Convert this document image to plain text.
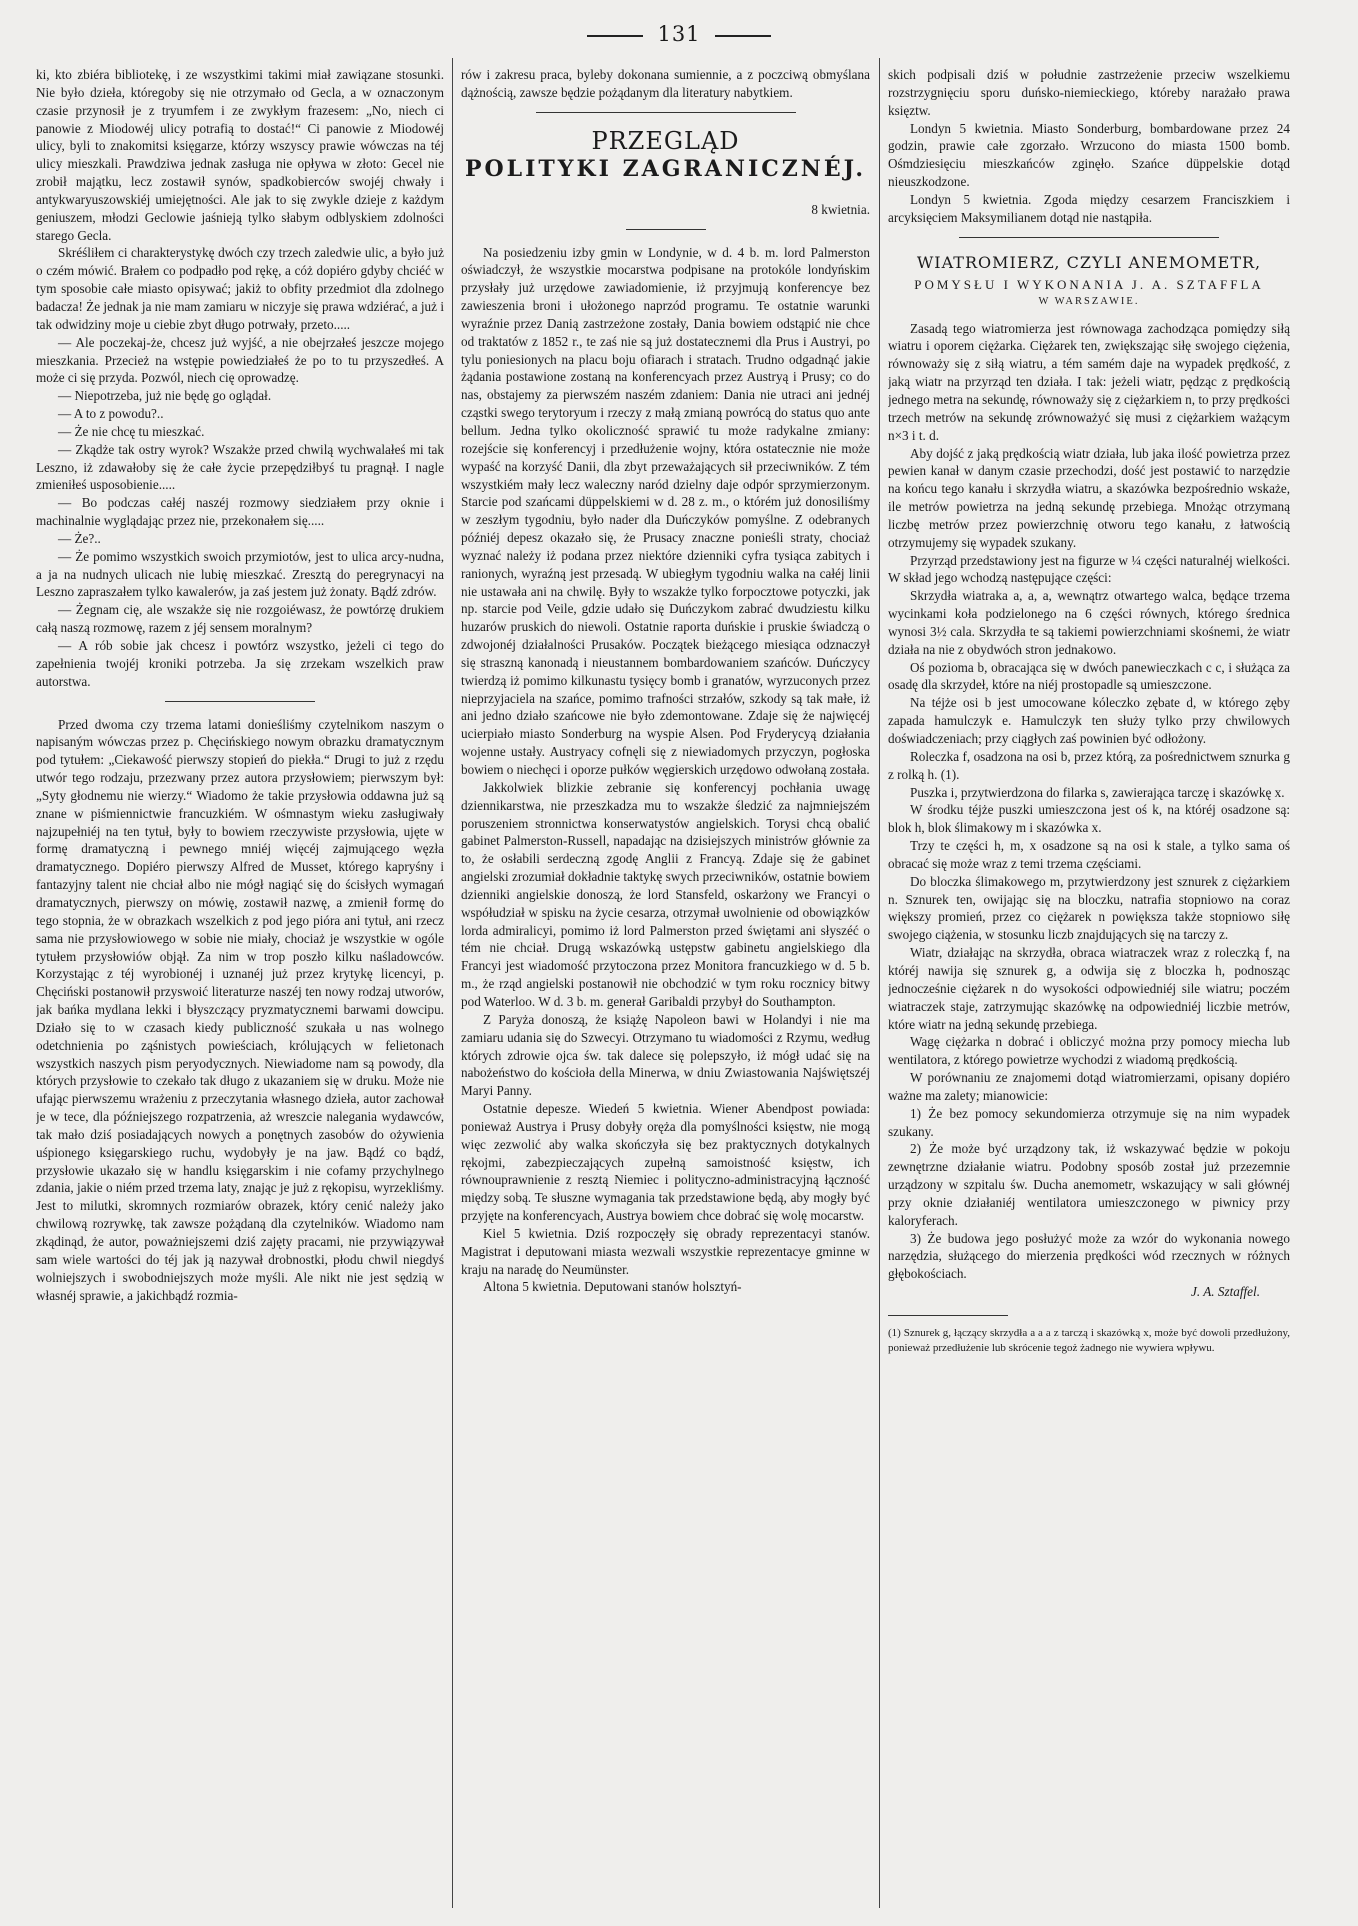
131

ki, kto zbiéra bibliotekę, i ze wszystkimi takimi miał zawiązane stosunki. Nie było dzieła, któregoby się nie otrzymało od Gecla, a w oznaczonym czasie przynosił je z tryumfem i ze zwykłym frazesem: „No, niech ci panowie z Miodowéj ulicy potrafią to dostać!“ Ci panowie z Miodowéj ulicy, byli to znakomitsi księgarze, którzy wszyscy prawie wówczas na téj ulicy mieszkali. Prawdziwa jednak zasługa nie opływa w złoto: Gecel nie zrobił majątku, lecz zostawił synów, spadkobierców swojéj chwały i antykwaryuszowskiéj umiejętności. Ale jak to się zwykle dzieje z każdym geniuszem, młodzi Geclowie jaśnieją tylko słabym odblyskiem zdolności starego Gecla.

Skréśliłem ci charakterystykę dwóch czy trzech zaledwie ulic, a było już o czém mówić. Brałem co podpadło pod rękę, a cóż dopiéro gdyby chciéć w tym sposobie całe miasto opisywać; jakiż to obfity przedmiot dla zdolnego badacza! Że jednak ja nie mam zamiaru w niczyje się prawa wdziérać, a już i tak odwidziny moje u ciebie zbyt długo potrwały, przeto.....

— Ale poczekaj-że, chcesz już wyjść, a nie obejrzałeś jeszcze mojego mieszkania. Przecież na wstępie powiedziałeś że po to tu przyszedłeś. A może ci się przyda. Pozwól, niech cię oprowadzę.

— Niepotrzeba, już nie będę go oglądał.

— A to z powodu?..

— Że nie chcę tu mieszkać.

— Zkądże tak ostry wyrok? Wszakże przed chwilą wychwalałeś mi tak Leszno, iż zdawałoby się że całe życie przepędziłbyś tu pragnął. I nagle zmieniłeś usposobienie.....

— Bo podczas całéj naszéj rozmowy siedziałem przy oknie i machinalnie wyglądając przez nie, przekonałem się.....

— Że?..

— Że pomimo wszystkich swoich przymiotów, jest to ulica arcy-nudna, a ja na nudnych ulicach nie lubię mieszkać. Zresztą do peregrynacyi na Leszno zapraszałem tylko kawalerów, ja zaś jestem już żonaty. Bądź zdrów.

— Żegnam cię, ale wszakże się nie rozgoiéwasz, że powtórzę drukiem całą naszą rozmowę, razem z jéj sensem moralnym?

— A rób sobie jak chcesz i powtórz wszystko, jeżeli ci tego do zapełnienia twojéj kroniki potrzeba. Ja się zrzekam wszelkich praw autorstwa.

Przed dwoma czy trzema latami donieśliśmy czytelnikom naszym o napisaným wówczas przez p. Chęcińskiego nowym obrazku dramatycznym pod tytułem: „Ciekawość pierwszy stopień do piekła.“ Drugi to już z rzędu utwór tego rodzaju, przezwany przez autora przysłowiem; pierwszym był: „Syty głodnemu nie wierzy.“ Wiadomo że takie przysłowia oddawna już są znane w piśmiennictwie francuzkiém. W ośmnastym wieku zasługiwały najzupełniéj na ten tytuł, były to bowiem rzeczywiste przysłowia, ujęte w formę dramatyczną i pewnego mniéj więcéj zajmującego węzła dramatycznego. Dopiéro pierwszy Alfred de Musset, którego kapryśny i fantazyjny talent nie chciał albo nie mógł nagiąć się do ścisłych wymagań dramatycznych, pierwszy on mówię, zostawił nazwę, a zmienił formę do tego stopnia, że w obrazkach wszelkich z pod jego pióra ani tytuł, ani rzecz sama nie przysłowiowego w sobie nie miały, chociaż je wszystkie w ogóle tytułem przysłowiów objął. Za nim w trop poszło kilku naśladowców. Korzystając z téj wyrobionéj i uznanéj już przez krytykę licencyi, p. Chęciński postanowił przyswoić literaturze naszéj ten nowy rodzaj utworów, jak bańka mydlana lekki i błyszczący pryzmatycznemi barwami dowcipu. Działo się to w czasach kiedy publiczność szukała u nas wolnego odetchnienia po ząśnistych powieściach, królujących w felietonach wszystkich naszych pism peryodycznych. Niewiadome nam są powody, dla których przysłowie to czekało tak długo z ukazaniem się w druku. Może nie ufając pierwszemu wrażeniu z przeczytania własnego dzieła, autor zachował je w tece, dla późniejszego rozpatrzenia, aż wreszcie nalegania wydawców, tak mało dziś posiadających nowych a ponętnych zasobów do ożywienia uśpionego księgarskiego ruchu, wydobyły je na jaw. Bądź co bądź, przysłowie ukazało się w handlu księgarskim i nie cofamy przychylnego zdania, jakie o niém przed trzema laty, znając je już z rękopisu, wyrzekliśmy. Jest to milutki, skromnych rozmiarów obrazek, który cenić należy jako chwilową rozrywkę, tak zawsze pożądaną dla czytelników. Wiadomo nam zkądinąd, że autor, poważniejszemi dziś zajęty pracami, nie przywiązywał sam wiele wartości do téj jak ją nazywał drobnostki, płodu chwil niegdyś wolniejszych i swobodniejszych może myśli. Ale nikt nie jest sędzią w własnéj sprawie, a jakichbądź rozmia-

rów i zakresu praca, byleby dokonana sumiennie, a z poczciwą obmyślana dążnością, zawsze będzie pożądanym dla literatury nabytkiem.

PRZEGLĄD
POLITYKI ZAGRANICZNÉJ.
8 kwietnia.

Na posiedzeniu izby gmin w Londynie, w d. 4 b. m. lord Palmerston oświadczył, że wszystkie mocarstwa podpisane na protokóle londyńskim przysłały już urzędowe zawiadomienie, iż przyjmują konferencye bez zawieszenia broni i ułożonego naprzód programu. Te ostatnie warunki wyraźnie przez Danią zastrzeżone zostały, Dania bowiem odstąpić nie chce od traktatów z 1852 r., te zaś nie są już dostatecznemi dla Prus i Austryi, po tylu poniesionych na placu boju ofiarach i stratach. Trudno odgadnąć jakie żądania postawione zostaną na konferencyach przez Austryą i Prusy; co do nas, obstajemy za pierwszém naszém zdaniem: Dania nie utraci ani jednéj cząstki swego terytoryum i rzeczy z małą zmianą powrócą do status quo ante bellum. Jedna tylko okoliczność sprawić tu może radykalne zmiany: rozejście się konferencyj i przedłużenie wojny, która ostatecznie nie może wypaść na korzyść Danii, dla zbyt przeważających sił przeciwników. Z tém wszystkiém mały lecz waleczny naród dzielny daje odpór sprzymierzonym. Starcie pod szańcami düppelskiemi w d. 28 z. m., o którém już donosiliśmy w zeszłym tygodniu, było nader dla Duńczyków pomyślne. Z odebranych późniéj depesz okazało się, że Prusacy znaczne ponieśli straty, chociaż wyznać należy iż podana przez niektóre dzienniki cyfra tysiąca zabitych i ranionych, wyraźną jest przesadą. W ubiegłym tygodniu walka na całéj linii nie ustawała ani na chwilę. Były to wszakże tylko forpocztowe potyczki, jak np. starcie pod Veile, gdzie udało się Duńczykom zabrać dwudziestu kilku huzarów pruskich do niewoli. Ostatnie raporta duńskie i pruskie świadczą o zdwojonéj działalności Prusaków. Początek bieżącego miesiąca odznaczył się straszną kanonadą i nieustannem bombardowaniem szańców. Duńczycy twierdzą iż pomimo kilkunastu tysięcy bomb i granatów, wyrzuconych przez nieprzyjaciela na szańce, pomimo trafności strzałów, szkody są tak małe, iż ani jedno działo szańcowe nie było zdemontowane. Zdaje się że najwięcéj ucierpiało miasto Sonderburg na wyspie Alsen. Pod Fryderycyą działania wojenne ustały. Austryacy cofnęli się z niewiadomych przyczyn, pogłoska bowiem o niechęci i oporze pułków węgierskich urzędowo odwołaną została.

Jakkolwiek blizkie zebranie się konferencyj pochłania uwagę dziennikarstwa, nie przeszkadza mu to wszakże śledzić za najmniejszém poruszeniem stronnictwa konserwatystów angielskich. Torysi chcą obalić gabinet Palmerston-Russell, napadając na dzisiejszych ministrów głównie za to, że osłabili serdeczną zgodę Anglii z Francyą. Zdaje się że gabinet angielski zrozumiał dokładnie taktykę swych przeciwników, ostatnie bowiem dzienniki angielskie donoszą, że lord Stansfeld, oskarżony we Francyi o współudział w spisku na życie cesarza, otrzymał uwolnienie od obowiązków lorda admiralicyi, pomimo iż lord Palmerston przed świętami ani słyszéć o tém nie chciał. Drugą wskazówką ustępstw gabinetu angielskiego dla Francyi jest wiadomość przytoczona przez Monitora francuzkiego w d. 5 b. m., że rząd angielski postanowił nie obchodzić w tym roku rocznicy bitwy pod Waterloo. W d. 3 b. m. generał Garibaldi przybył do Southampton.

Z Paryża donoszą, że książę Napoleon bawi w Holandyi i nie ma zamiaru udania się do Szwecyi. Otrzymano tu wiadomości z Rzymu, według których zdrowie ojca św. tak dalece się polepszyło, iż mógł udać się na nabożeństwo do kościoła della Minerwa, w dniu Zwiastowania Najświętszéj Maryi Panny.

Ostatnie depesze. Wiedeń 5 kwietnia. Wiener Abendpost powiada: ponieważ Austrya i Prusy dobyły oręża dla pomyślności księstw, nie mogą więc zezwolić aby walka skończyła się bez praktycznych dotykalnych rękojmi, zabezpieczających zupełną samoistność księstw, ich równouprawnienie z resztą Niemiec i polityczno-administracyjną łączność między sobą. Te słuszne wymagania tak przedstawione będą, aby mogły być przyjęte na konferencyach, Austrya bowiem chce dobrać się wolę mocarstw.

Kiel 5 kwietnia. Dziś rozpoczęły się obrady reprezentacyi stanów. Magistrat i deputowani miasta wezwali wszystkie reprezentacye gminne w kraju na naradę do Neumünster.

Altona 5 kwietnia. Deputowani stanów holsztyń-

skich podpisali dziś w południe zastrzeżenie przeciw wszelkiemu rozstrzygnięciu sporu duńsko-niemieckiego, któreby narażało prawa księztw.

Londyn 5 kwietnia. Miasto Sonderburg, bombardowane przez 24 godzin, prawie całe zgorzało. Wrzucono do miasta 1500 bomb. Ośmdziesięciu mieszkańców zginęło. Szańce düppelskie dotąd nieuszkodzone.

Londyn 5 kwietnia. Zgoda między cesarzem Franciszkiem i arcyksięciem Maksymilianem dotąd nie nastąpiła.

WIATROMIERZ, CZYLI ANEMOMETR,
POMYSŁU I WYKONANIA J. A. SZTAFFLA
W WARSZAWIE.

Zasadą tego wiatromierza jest równowaga zachodząca pomiędzy siłą wiatru i oporem ciężarka. Ciężarek ten, zwiększając siłę swojego ciężenia, równoważy się z siłą wiatru, a tém samém daje na wypadek prędkość, z jaką wiatr na przyrząd ten działa. I tak: jeżeli wiatr, pędząc z prędkością jednego metra na sekundę, równoważy się z ciężarkiem n, to przy prędkości trzech metrów na sekundę zrównoważyć się musi z ciężarkiem ważącym n×3 i t. d.

Aby dojść z jaką prędkością wiatr działa, lub jaka ilość powietrza przez pewien kanał w danym czasie przechodzi, dość jest postawić to narzędzie na końcu tego kanału i skrzydła wiatru, a skazówka bezpośrednio wskaże, ile metrów powietrza na jedną sekundę przebiega. Mnożąc otrzymaną liczbę metrów przez powierzchnię otworu tego kanału, z łatwością otrzymujemy się wypadek szukany.

Przyrząd przedstawiony jest na figurze w ¼ części naturalnéj wielkości. W skład jego wchodzą następujące części:

Skrzydła wiatraka a, a, a, wewnątrz otwartego walca, będące trzema wycinkami koła podzielonego na 6 części równych, którego średnica wynosi 3½ cala. Skrzydła te są takiemi powierzchniami skośnemi, że wiatr działa na nie z obydwóch stron jednakowo.

Oś pozioma b, obracająca się w dwóch panewieczkach c c, i służąca za osadę dla skrzydeł, które na niéj prostopadle są umieszczone.

Na téjże osi b jest umocowane kóleczko zębate d, w którego zęby zapada hamulczyk e. Hamulczyk ten służy tylko przy chwilowych doświadczeniach; przy ciągłych zaś powinien być odłożony.

Roleczka f, osadzona na osi b, przez którą, za pośrednictwem sznurka g z rolką h. (1).

Puszka i, przytwierdzona do filarka s, zawierająca tarczę i skazówkę x.

W środku téjże puszki umieszczona jest oś k, na któréj osadzone są: blok h, blok ślimakowy m i skazówka x.

Trzy te części h, m, x osadzone są na osi k stale, a tylko sama oś obracać się może wraz z temi trzema częściami.

Do bloczka ślimakowego m, przytwierdzony jest sznurek z ciężarkiem n. Sznurek ten, owijając się na bloczku, natrafia stopniowo na coraz większy promień, przez co ciężarek n powiększa także stopniowo siłę swojego ciążenia, w stosunku liczb znajdujących się na tarczy z.

Wiatr, działając na skrzydła, obraca wiatraczek wraz z roleczką f, na któréj nawija się sznurek g, a odwija się z bloczka h, podnosząc jednocześnie ciężarek n do wysokości odpowiedniéj sile wiatru; poczém wiatraczek staje, zatrzymując skazówkę na odpowiedniéj liczbie metrów, które wiatr na jedną sekundę przebiega.

Wagę ciężarka n dobrać i obliczyć można przy pomocy miecha lub wentilatora, z którego powietrze wychodzi z wiadomą prędkością.

W porównaniu ze znajomemi dotąd wiatromierzami, opisany dopiéro ważne ma zalety; mianowicie:

1) Że bez pomocy sekundomierza otrzymuje się na nim wypadek szukany.

2) Że może być urządzony tak, iż wskazywać będzie w pokoju zewnętrzne działanie wiatru. Podobny sposób został już przezemnie urządzony w szpitalu św. Ducha anemometr, wskazujący w sali głównéj przy oknie działaniéj wentilatora umieszczonego w piwnicy przy kaloryferach.

3) Że budowa jego posłużyć może za wzór do wykonania nowego narzędzia, służącego do mierzenia prędkości wód rzecznych w różnych głębokościach.

J. A. Sztaffel.
(1) Sznurek g, łączący skrzydła a a a z tarczą i skazówką x, może być dowoli przedłużony, ponieważ przedłużenie lub skrócenie tegoż żadnego nie wywiera wpływu.
